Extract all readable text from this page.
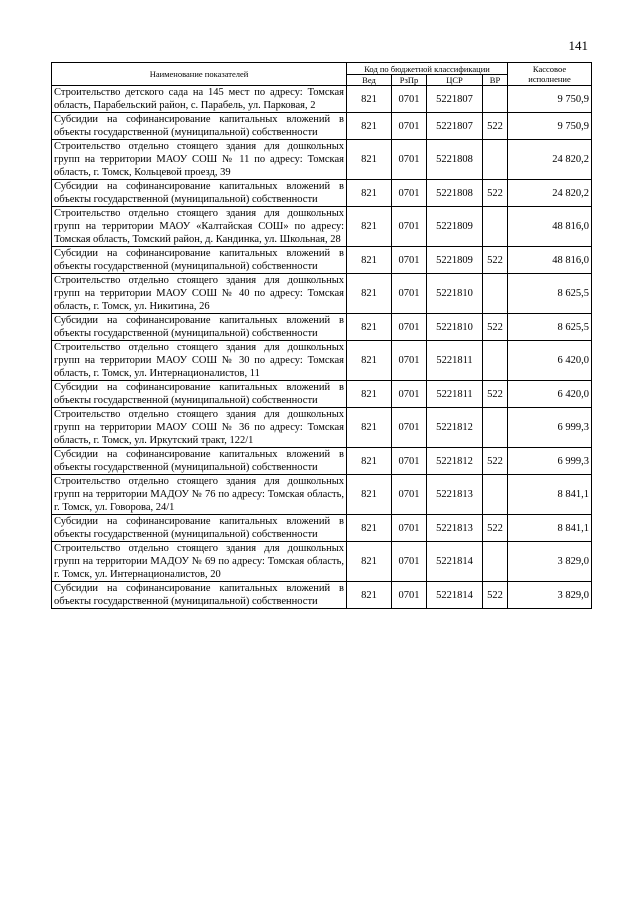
141
Наименование показателей	Код по бюджетной классификации				Кассовое
исполнение

	Вед	РзПр	ЦСР	ВР	
Строительство детского сада на 145 мест по адресу: Томская область, Парабельский район, с. Парабель, ул. Парковая, 2	821	0701	5221807		9 750,9
Субсидии на софинансирование капитальных вложений в объекты государственной (муниципальной) собственности	821	0701	5221807	522	9 750,9
Строительство отдельно стоящего здания для дошкольных групп на территории МАОУ СОШ № 11 по адресу: Томская область, г. Томск, Кольцевой проезд, 39	821	0701	5221808		24 820,2
Субсидии на софинансирование капитальных вложений в объекты государственной (муниципальной) собственности	821	0701	5221808	522	24 820,2
Строительство отдельно стоящего здания для дошкольных групп на территории МАОУ «Калтайская СОШ» по адресу: Томская область, Томский район, д. Кандинка, ул. Школьная, 28	821	0701	5221809		48 816,0
Субсидии на софинансирование капитальных вложений в объекты государственной (муниципальной) собственности	821	0701	5221809	522	48 816,0
Строительство отдельно стоящего здания для дошкольных групп на территории МАОУ СОШ № 40 по адресу: Томская область, г. Томск, ул. Никитина, 26	821	0701	5221810		8 625,5
Субсидии на софинансирование капитальных вложений в объекты государственной (муниципальной) собственности	821	0701	5221810	522	8 625,5
Строительство отдельно стоящего здания для дошкольных групп на территории МАОУ СОШ № 30 по адресу: Томская область, г. Томск, ул. Интернационалистов, 11	821	0701	5221811		6 420,0
Субсидии на софинансирование капитальных вложений в объекты государственной (муниципальной) собственности	821	0701	5221811	522	6 420,0
Строительство отдельно стоящего здания для дошкольных групп на территории МАОУ СОШ № 36 по адресу: Томская область, г. Томск, ул. Иркутский тракт, 122/1	821	0701	5221812		6 999,3
Субсидии на софинансирование капитальных вложений в объекты государственной (муниципальной) собственности	821	0701	5221812	522	6 999,3
Строительство отдельно стоящего здания для дошкольных групп на территории МАДОУ № 76 по адресу: Томская область, г. Томск, ул. Говорова, 24/1	821	0701	5221813		8 841,1
Субсидии на софинансирование капитальных вложений в объекты государственной (муниципальной) собственности	821	0701	5221813	522	8 841,1
Строительство отдельно стоящего здания для дошкольных групп на территории МАДОУ № 69 по адресу: Томская область, г. Томск, ул. Интернационалистов, 20	821	0701	5221814		3 829,0
Субсидии на софинансирование капитальных вложений в объекты государственной (муниципальной) собственности	821	0701	5221814	522	3 829,0
